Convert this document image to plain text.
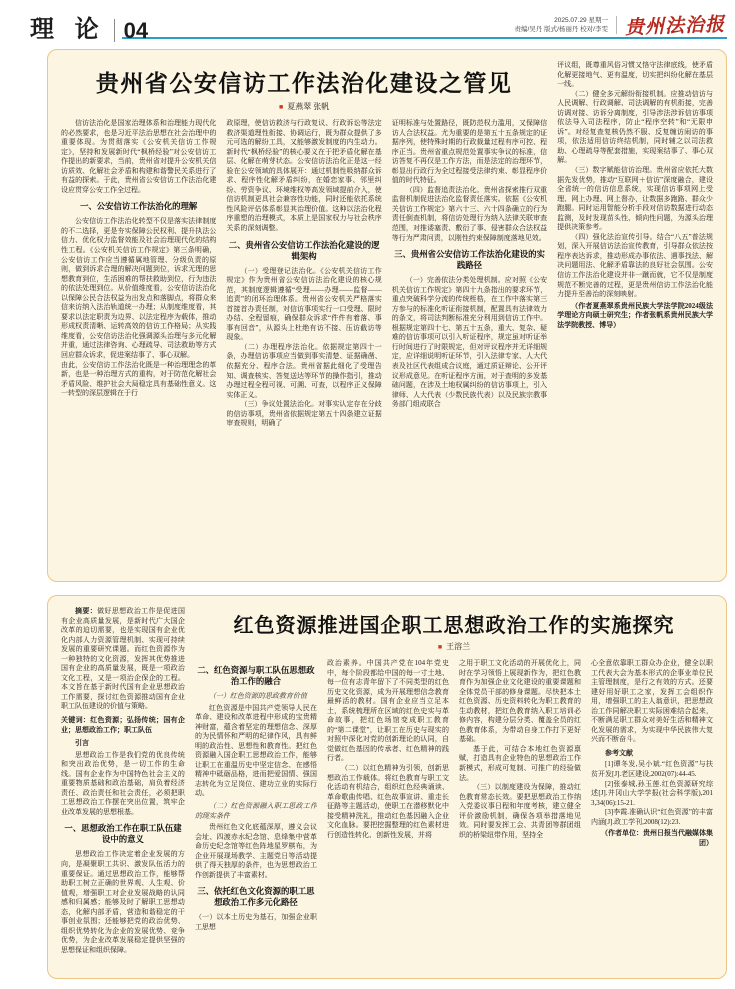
理 论 04	2025.07.29 星期一
责编/吴丹 版式/杨丽丹 校对/李雯 贵州法治报
贵州省公安信访工作法治化建设之管见
■ 夏燕翠 张帆
信访法治化是国家治理体系和治理能力现代化的必然要求，也是习近平法治思想在社会治理中的重要体现。为贯彻落实《公安机关信访工作规定》，坚持和发展新时代“枫桥经验”对公安信访工作提出的新要求，当前，贵州省对提升公安机关信访质效、化解社会矛盾和构建和谐警民关系进行了有益的探索。于此，贵州省公安信访工作法治化建设应贯穿公安工作全过程。
一、公安信访工作法治化的理解
公安信访工作法治化转型不仅是落实法律制度的不二选择，更是夯实保障公民权利、提升执法公信力、优化权力监督效能及社会治理现代化的结构性工程。《公安机关信访工作规定》第三条明确，公安信访工作应当遵循属地管理、分级负责的原则，做到诉求合理的解决问题到位，诉求无理的思想教育到位，生活困难的帮扶救助到位，行为违法的依法处理到位。从价值维度看，公安信访法治化以保障公民合法权益为出发点和落脚点，将群众来信来访纳入法治轨道统一办理；从制度维度看，其要求以法定职责为边界、以法定程序为载体，推动形成权责清晰、运转高效的信访工作格局；从实践维度看，公安信访法治化强调源头治理与多元化解并重，通过法律咨询、心理疏导、司法救助等方式回应群众诉求，促进案结事了、事心双解。
由此，公安信访工作法治化既是一种治理理念的革新，也是一种治理方式的重构，对于防范化解社会矛盾风险、维护社会大局稳定具有基础性意义。这一转型的深层逻辑在于行
政原理，使信访救济与行政复议、行政诉讼等法定救济渠道理性衔接、协调运行，既为群众提供了多元可选的解纷工具，又能够激发制度的内生动力。新时代“枫桥经验”的核心要义在于把矛盾化解在基层、化解在萌芽状态。公安信访法治化正是这一经验在公安领域的具体展开：通过机制性吸纳群众诉求、程序性化解矛盾纠纷，在婚恋家事、邻里纠纷、劳资争议、环境维权等高发领域提前介入，使信访机制更具社会兼容性功能，同时还能依托系统性风险评估体系彰显其治理价值。这种以法治化程序重塑的治理模式，本质上是国家权力与社会秩序关系的深刻调整。
二、贵州省公安信访工作法治化建设的逻辑架构
（一）受理登记法治化。《公安机关信访工作规定》作为贵州省公安信访法治化建设的核心规范，其制度逻辑遵循“受理——办理——监督——追责”的闭环治理体系。贵州省公安机关严格落实首接首办责任制，对信访事项实行一口受理、限时办结、全程留痕，确保群众诉求“件件有着落、事事有回音”，从源头上杜绝有访不接、压访截访等现象。
（二）办理程序法治化。依据规定第四十一条，办理信访事项应当做到事实清楚、证据确凿、依据充分、程序合法。贵州省据此细化了受理告知、调查核实、答复送达等环节的操作指引，推动办理过程全程可视、可溯、可查，以程序正义保障实体正义。
（三）争议处置法治化。对事实认定存在分歧的信访事项，贵州省依据规定第五十四条建立证据审查规则，明确了
证明标准与处置路径，既防范权力滥用，又保障信访人合法权益。尤为重要的是第五十五条规定的证据序列，使特殊时期的行政裁量过程有序可控、程序正当。贵州省重点规范处置事实争议的标准，信访答复不再仅是工作方法，而是法定的治理环节，彰显出行政行为全过程接受法律约束、彰显程序价值的时代特征。
（四）监督追责法治化。贵州省探索推行双重监督机制促进法治化监督责任落实。依据《公安机关信访工作规定》第六十三、六十四条确立的行为责任倒查机制，将信访处理行为纳入法律关联审查范围，对推诿塞责、敷衍了事、侵害群众合法权益等行为严肃问责，以刚性约束保障制度落地见效。
三、贵州省公安信访工作法治化建设的实践路径
（一）完善依法分类处理机制。应对照《公安机关信访工作规定》第四十九条指出的要求环节，重点突破科学分流的传统桎梏，在工作中落实第三方参与的标准化听证衔接机制，配置具有法律效力的条文，将司法判断标准充分利用到信访工作中。根据规定第四十七、第五十五条，重大、复杂、疑难的信访事项可以引入听证程序，规定虽对听证举行时间进行了时限规定，但对评议程序并无详细规定，应详细说明听证环节，引入法律专家、人大代表及社区代表组成合议庭，通过质证辩论、公开评议形成意见。在听证程序方面，对于查明的多发基础问题，在涉及土地权属纠纷的信访事项上，引入律师、人大代表（少数民族代表）以及民族宗教事务部门组成联合
评议组，既尊重风俗习惯又恪守法律底线，使矛盾化解更接地气、更有温度，切实把纠纷化解在基层一线。
（二）健全多元解纷衔接机制。应推动信访与人民调解、行政调解、司法调解的有机衔接，完善访调对接、访诉分离制度，引导涉法涉诉信访事项依法导入司法程序，防止“程序空转”和“无限申诉”。对经复查复核仍然不服、反复缠访闹访的事项，依法适用信访终结机制，同时辅之以司法救助、心理疏导等配套措施，实现案结事了、事心双解。
（三）数字赋能信访治理。贵州省应依托大数据先发优势，推动“互联网＋信访”深度融合，建设全省统一的信访信息系统，实现信访事项网上受理、网上办理、网上督办，让数据多跑路、群众少跑腿。同时运用智能分析手段对信访数据进行动态监测，及时发现苗头性、倾向性问题，为源头治理提供决策参考。
（四）强化法治宣传引导。结合“八五”普法规划，深入开展信访法治宣传教育，引导群众依法按程序表达诉求，推动形成办事依法、遇事找法、解决问题用法、化解矛盾靠法的良好社会氛围。公安信访工作法治化建设并非一蹴而就，它不仅是制度规范不断完善的过程，更是贵州信访工作法治化能力提升至善治的深刻映射。
（作者夏燕翠系贵州民族大学法学院2024级法学理论方向硕士研究生；作者张帆系贵州民族大学法学院教授、博导）
摘要：做好思想政治工作是促进国有企业高质量发展，是新时代广大国企改革的迫切需要，也是实现国有企业优化内部人力资源管理机制、实现可持续发展的重要研究课题。而红色资源作为一种独特的文化资源，发挥其优势推进国有企业的高质量发展，既是一项政治文化工程，又是一项治企保企的工程。本文旨在基于新时代国有企业思想政治工作需要，探讨红色资源推动国有企业职工队伍建设的价值与策略。
关键词：红色资源；弘扬传统；国有企业；思想政治工作；职工队伍
引言
思想政治工作是我们党的优良传统和突出政治优势，是一切工作的生命线。国有企业作为中国特色社会主义的重要物质基础和政治基础，肩负着经济责任、政治责任和社会责任，必须把职工思想政治工作摆在突出位置，筑牢企业改革发展的思想根基。
一、思想政治工作在职工队伍建设中的意义
思想政治工作决定着企业发展的方向，是凝聚职工共识、激发队伍活力的重要保证。通过思想政治工作，能够帮助职工树立正确的世界观、人生观、价值观，增强职工对企业发展战略的认同感和归属感；能够及时了解职工思想动态，化解内部矛盾，营造和谐稳定的干事创业氛围；还能够把党的政治优势、组织优势转化为企业的发展优势、竞争优势，为企业改革发展稳定提供坚强的思想保证和组织保障。
红色资源推进国企职工思想政治工作的实施探究
■ 王溶兰
二、红色资源与职工队伍思想政治工作的融合
（一）红色资源的思政教育价值
红色资源是中国共产党领导人民在革命、建设和改革进程中形成的宝贵精神财富，蕴含着坚定的理想信念、深厚的为民情怀和严明的纪律作风，具有鲜明的政治性、思想性和教育性。把红色资源融入国企职工思想政治工作，能够让职工在重温历史中坚定信念、在感悟精神中砥砺品格，进而把爱国情、强国志转化为立足岗位、建功立业的实际行动。
（二）红色资源融入职工思政工作的现实条件
贵州红色文化底蕴深厚，遵义会议会址、四渡赤水纪念馆、息烽集中营革命历史纪念馆等红色阵地星罗棋布，为企业开展现场教学、主题党日等活动提供了得天独厚的条件，也为思想政治工作创新提供了丰富素材。
三、依托红色文化资源的职工思想政治工作多元化路径
（一）以本土历史为基石，加强企业职工思想
政治素养。中国共产党在104年党史中，每个阶段都给中国的每一寸土地、每一位有志青年留下了不同类型的红色历史文化资源，成为开展理想信念教育最鲜活的教材。国有企业应当立足本土，系统梳理所在区域的红色史实与革命故事，把红色场馆变成职工教育的“第二课堂”，让职工在历史与现实的对照中深化对党的创新理论的认同，自觉做红色基因的传承者、红色精神的践行者。
（二）以红色精神为引领，创新思想政治工作载体。将红色教育与职工文化活动有机结合，组织红色经典诵读、革命歌曲传唱、红色故事宣讲、重走长征路等主题活动，使职工在潜移默化中接受精神洗礼，推动红色基因融入企业文化血脉。要把挖掘整理的红色素材进行创造性转化、创新性发展，并将
之用于职工文化活动的开展优化上，同时在学习领悟上展现新作为，把红色教育作为加强企业文化建设的重要课题和全体党员干部的修身课题。尽快把本土红色资源、历史资料转化为职工教育的生动教材，把红色教育纳入职工培训必修内容，构建分层分类、覆盖全员的红色教育体系，为带动自身工作打下更好基础。
基于此，可结合本地红色资源禀赋，打造具有企业特色的思想政治工作新模式，形成可复制、可推广的经验做法。
（三）以制度建设为保障，推动红色教育常态长效。要把思想政治工作纳入党委议事日程和年度考核，建立健全评价激励机制，确保各项举措落地见效。同时要发挥工会、共青团等群团组织的桥梁纽带作用，坚持全
心全意依靠职工群众办企业，健全以职工代表大会为基本形式的企事业单位民主管理制度，是行之有效的方式。还要建好用好职工之家，发挥工会组织作用，增强职工的主人翁意识，把思想政治工作同解决职工实际困难结合起来，不断满足职工群众对美好生活和精神文化发展的需求，为实现中华民族伟大复兴而不断奋斗。
参考文献
[1]谭冬发,吴小斌.“红色资源”与扶贫开发[J].老区建设,2002(07):44-45.
[2]张泰城,孙玉莲.红色资源研究综述[J].井冈山大学学报(社会科学版),2013,34(06):15-21.
[3]李霞.准确认识“红色资源”的丰富内涵[J].政工学刊,2008(12):23.
（作者单位：贵州日报当代融媒体集团）
